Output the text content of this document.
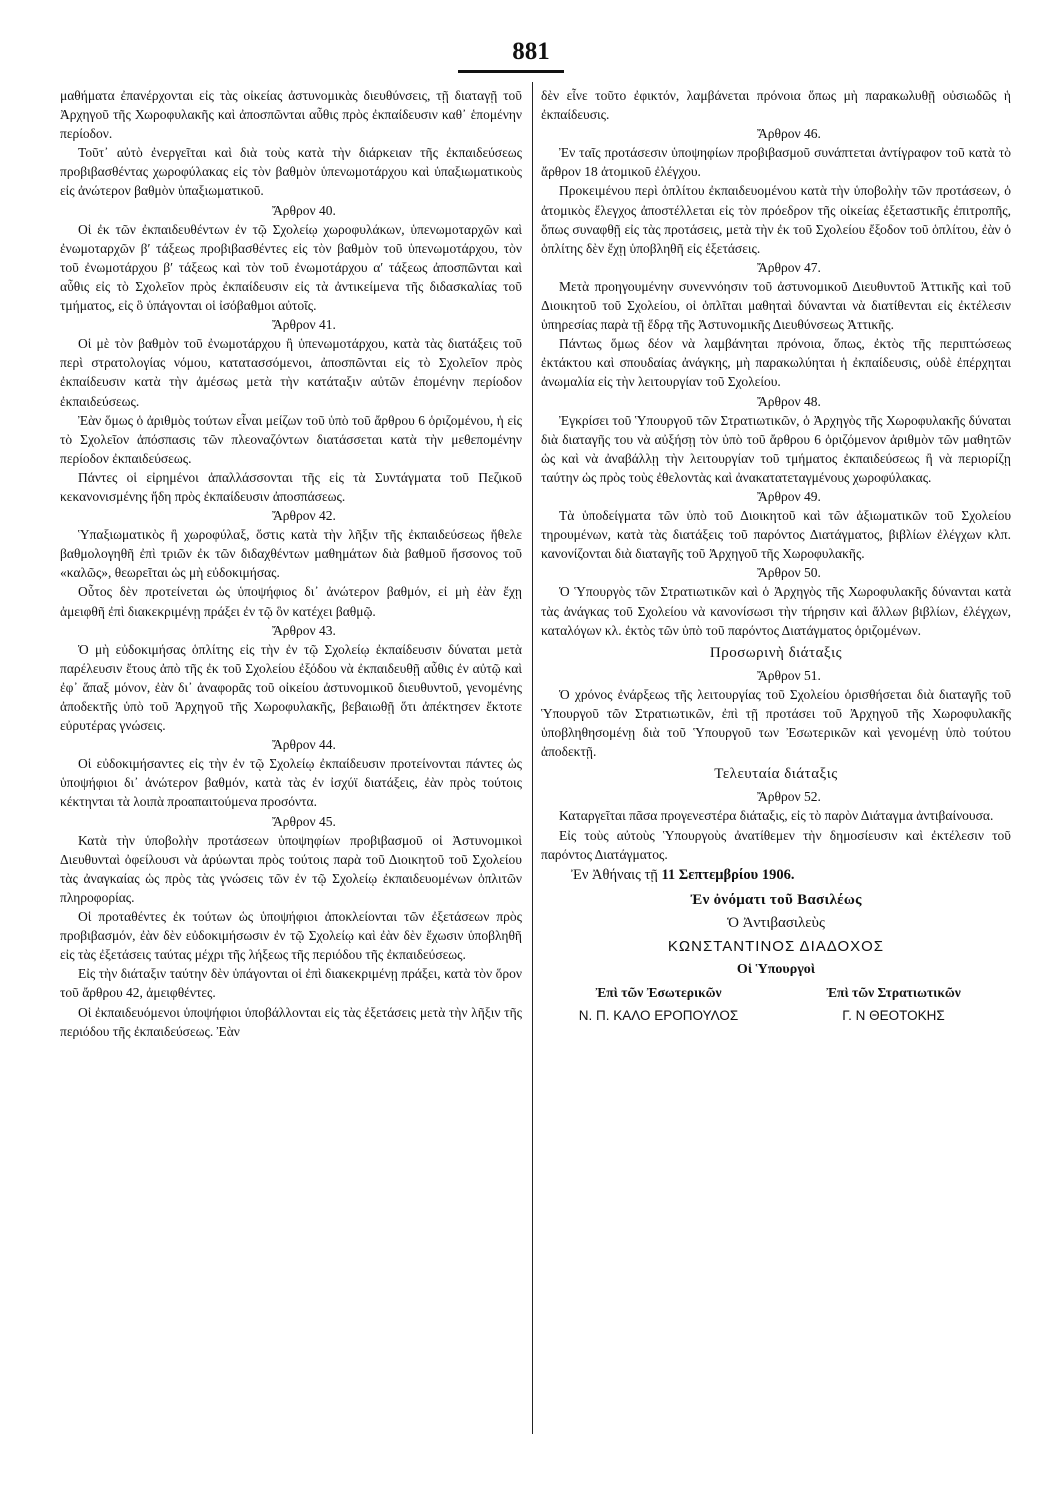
881

μαθήματα ἐπανέρχονται εἰς τὰς οἰκείας ἀστυνομικὰς διευθύνσεις, τῇ διαταγῇ τοῦ Ἀρχηγοῦ τῆς Χωροφυλακῆς καὶ ἀποσπῶνται αὖθις πρὸς ἐκπαίδευσιν καθ᾽ ἑπομένην περίοδον.

Τοῦτ᾽ αὐτὸ ἐνεργεῖται καὶ διὰ τοὺς κατὰ τὴν διάρκειαν τῆς ἐκπαιδεύσεως προβιβασθέντας χωροφύλακας εἰς τὸν βαθμὸν ὑπενωμοτάρχου καὶ ὑπαξιωματικοὺς εἰς ἀνώτερον βαθμὸν ὑπαξιωματικοῦ.

Ἄρθρον 40.

Οἱ ἐκ τῶν ἐκπαιδευθέντων ἐν τῷ Σχολείῳ χωροφυλάκων, ὑπενωμοταρχῶν καὶ ἐνωμοταρχῶν β′ τάξεως προβιβασθέντες εἰς τὸν βαθμὸν τοῦ ὑπενωμοτάρχου, τὸν τοῦ ἐνωμοτάρχου β′ τάξεως καὶ τὸν τοῦ ἐνωμοτάρχου α′ τάξεως ἀποσπῶνται καὶ αὖθις εἰς τὸ Σχολεῖον πρὸς ἐκπαίδευσιν εἰς τὰ ἀντικείμενα τῆς διδασκαλίας τοῦ τμήματος, εἰς ὃ ὑπάγονται οἱ ἰσόβαθμοι αὐτοῖς.

Ἄρθρον 41.

Οἱ μὲ τὸν βαθμὸν τοῦ ἐνωμοτάρχου ἢ ὑπενωμοτάρχου, κατὰ τὰς διατάξεις τοῦ περὶ στρατολογίας νόμου, κατατασσόμενοι, ἀποσπῶνται εἰς τὸ Σχολεῖον πρὸς ἐκπαίδευσιν κατὰ τὴν ἀμέσως μετὰ τὴν κατάταξιν αὐτῶν ἑπομένην περίοδον ἐκπαιδεύσεως.

Ἐὰν ὅμως ὁ ἀριθμὸς τούτων εἶναι μείζων τοῦ ὑπὸ τοῦ ἄρθρου 6 ὁριζομένου, ἡ εἰς τὸ Σχολεῖον ἀπόσπασις τῶν πλεοναζόντων διατάσσεται κατὰ τὴν μεθεπομένην περίοδον ἐκπαιδεύσεως.

Πάντες οἱ εἰρημένοι ἀπαλλάσσονται τῆς εἰς τὰ Συντάγματα τοῦ Πεζικοῦ κεκανονισμένης ἤδη πρὸς ἐκπαίδευσιν ἀποσπάσεως.

Ἄρθρον 42.

Ὑπαξιωματικὸς ἢ χωροφύλαξ, ὅστις κατὰ τὴν λῆξιν τῆς ἐκπαιδεύσεως ἤθελε βαθμολογηθῆ ἐπὶ τριῶν ἐκ τῶν διδαχθέντων μαθημάτων διὰ βαθμοῦ ἥσσονος τοῦ «καλῶς», θεωρεῖται ὡς μὴ εὐδοκιμήσας.

Οὗτος δὲν προτείνεται ὡς ὑποψήφιος δι᾽ ἀνώτερον βαθμόν, εἰ μὴ ἐὰν ἔχῃ ἀμειφθῆ ἐπὶ διακεκριμένῃ πράξει ἐν τῷ ὃν κατέχει βαθμῷ.

Ἄρθρον 43.

Ὁ μὴ εὐδοκιμήσας ὁπλίτης εἰς τὴν ἐν τῷ Σχολείῳ ἐκπαίδευσιν δύναται μετὰ παρέλευσιν ἔτους ἀπὸ τῆς ἐκ τοῦ Σχολείου ἐξόδου νὰ ἐκπαιδευθῇ αὖθις ἐν αὐτῷ καὶ ἐφ᾽ ἅπαξ μόνον, ἐὰν δι᾽ ἀναφορᾶς τοῦ οἰκείου ἀστυνομικοῦ διευθυντοῦ, γενομένης ἀποδεκτῆς ὑπὸ τοῦ Ἀρχηγοῦ τῆς Χωροφυλακῆς, βεβαιωθῇ ὅτι ἀπέκτησεν ἔκτοτε εὐρυτέρας γνώσεις.

Ἄρθρον 44.

Οἱ εὐδοκιμήσαντες εἰς τὴν ἐν τῷ Σχολείῳ ἐκπαίδευσιν προτείνονται πάντες ὡς ὑποψήφιοι δι᾽ ἀνώτερον βαθμόν, κατὰ τὰς ἐν ἰσχύϊ διατάξεις, ἐὰν πρὸς τούτοις κέκτηνται τὰ λοιπὰ προαπαιτούμενα προσόντα.

Ἄρθρον 45.

Κατὰ τὴν ὑποβολὴν προτάσεων ὑποψηφίων προβιβασμοῦ οἱ Ἀστυνομικοὶ Διευθυνταὶ ὀφείλουσι νὰ ἀρύωνται πρὸς τούτοις παρὰ τοῦ Διοικητοῦ τοῦ Σχολείου τὰς ἀναγκαίας ὡς πρὸς τὰς γνώσεις τῶν ἐν τῷ Σχολείῳ ἐκπαιδευομένων ὁπλιτῶν πληροφορίας.

Οἱ προταθέντες ἐκ τούτων ὡς ὑποψήφιοι ἀποκλείονται τῶν ἐξετάσεων πρὸς προβιβασμόν, ἐὰν δὲν εὐδοκιμήσωσιν ἐν τῷ Σχολείῳ καὶ ἐὰν δὲν ἔχωσιν ὑποβληθῆ εἰς τὰς ἐξετάσεις ταύτας μέχρι τῆς λήξεως τῆς περιόδου τῆς ἐκπαιδεύσεως.

Εἰς τὴν διάταξιν ταύτην δὲν ὑπάγονται οἱ ἐπὶ διακεκριμένῃ πράξει, κατὰ τὸν ὅρον τοῦ ἄρθρου 42, ἀμειφθέντες.

Οἱ ἐκπαιδευόμενοι ὑποψήφιοι ὑποβάλλονται εἰς τὰς ἐξετάσεις μετὰ τὴν λῆξιν τῆς περιόδου τῆς ἐκπαιδεύσεως. Ἐὰν

δὲν εἶνε τοῦτο ἐφικτόν, λαμβάνεται πρόνοια ὅπως μὴ παρακωλυθῇ οὐσιωδῶς ἡ ἐκπαίδευσις.

Ἄρθρον 46.

Ἐν ταῖς προτάσεσιν ὑποψηφίων προβιβασμοῦ συνάπτεται ἀντίγραφον τοῦ κατὰ τὸ ἄρθρον 18 ἀτομικοῦ ἐλέγχου.

Προκειμένου περὶ ὁπλίτου ἐκπαιδευομένου κατὰ τὴν ὑποβολὴν τῶν προτάσεων, ὁ ἀτομικὸς ἔλεγχος ἀποστέλλεται εἰς τὸν πρόεδρον τῆς οἰκείας ἐξεταστικῆς ἐπιτροπῆς, ὅπως συναφθῇ εἰς τὰς προτάσεις, μετὰ τὴν ἐκ τοῦ Σχολείου ἔξοδον τοῦ ὁπλίτου, ἐὰν ὁ ὁπλίτης δὲν ἔχῃ ὑποβληθῆ εἰς ἐξετάσεις.

Ἄρθρον 47.

Μετὰ προηγουμένην συνεννόησιν τοῦ ἀστυνομικοῦ Διευθυντοῦ Ἀττικῆς καὶ τοῦ Διοικητοῦ τοῦ Σχολείου, οἱ ὁπλῖται μαθηταὶ δύνανται νὰ διατίθενται εἰς ἐκτέλεσιν ὑπηρεσίας παρὰ τῇ ἕδρᾳ τῆς Ἀστυνομικῆς Διευθύνσεως Ἀττικῆς.

Πάντως ὅμως δέον νὰ λαμβάνηται πρόνοια, ὅπως, ἐκτὸς τῆς περιπτώσεως ἐκτάκτου καὶ σπουδαίας ἀνάγκης, μὴ παρακωλύηται ἡ ἐκπαίδευσις, οὐδὲ ἐπέρχηται ἀνωμαλία εἰς τὴν λειτουργίαν τοῦ Σχολείου.

Ἄρθρον 48.

Ἐγκρίσει τοῦ Ὑπουργοῦ τῶν Στρατιωτικῶν, ὁ Ἀρχηγὸς τῆς Χωροφυλακῆς δύναται διὰ διαταγῆς του νὰ αὐξήσῃ τὸν ὑπὸ τοῦ ἄρθρου 6 ὁριζόμενον ἀριθμὸν τῶν μαθητῶν ὡς καὶ νὰ ἀναβάλλῃ τὴν λειτουργίαν τοῦ τμήματος ἐκπαιδεύσεως ἢ νὰ περιορίζῃ ταύτην ὡς πρὸς τοὺς ἐθελοντὰς καὶ ἀνακατατεταγμένους χωροφύλακας.

Ἄρθρον 49.

Τὰ ὑποδείγματα τῶν ὑπὸ τοῦ Διοικητοῦ καὶ τῶν ἀξιωματικῶν τοῦ Σχολείου τηρουμένων, κατὰ τὰς διατάξεις τοῦ παρόντος Διατάγματος, βιβλίων ἐλέγχων κλπ. κανονίζονται διὰ διαταγῆς τοῦ Ἀρχηγοῦ τῆς Χωροφυλακῆς.

Ἄρθρον 50.

Ὁ Ὑπουργὸς τῶν Στρατιωτικῶν καὶ ὁ Ἀρχηγὸς τῆς Χωροφυλακῆς δύνανται κατὰ τὰς ἀνάγκας τοῦ Σχολείου νὰ κανονίσωσι τὴν τήρησιν καὶ ἄλλων βιβλίων, ἐλέγχων, καταλόγων κλ. ἐκτὸς τῶν ὑπὸ τοῦ παρόντος Διατάγματος ὁριζομένων.

Προσωρινὴ διάταξις
Ἄρθρον 51.

Ὁ χρόνος ἐνάρξεως τῆς λειτουργίας τοῦ Σχολείου ὁρισθήσεται διὰ διαταγῆς τοῦ Ὑπουργοῦ τῶν Στρατιωτικῶν, ἐπὶ τῇ προτάσει τοῦ Ἀρχηγοῦ τῆς Χωροφυλακῆς ὑποβληθησομένῃ διὰ τοῦ Ὑπουργοῦ των Ἐσωτερικῶν καὶ γενομένῃ ὑπὸ τούτου ἀποδεκτῇ.

Τελευταία διάταξις
Ἄρθρον 52.

Καταργεῖται πᾶσα προγενεστέρα διάταξις, εἰς τὸ παρὸν Διάταγμα ἀντιβαίνουσα.

Εἰς τοὺς αὐτοὺς Ὑπουργοὺς ἀνατίθεμεν τὴν δημοσίευσιν καὶ ἐκτέλεσιν τοῦ παρόντος Διατάγματος.

Ἐν Ἀθήναις τῇ 11 Σεπτεμβρίου 1906.

Ἐν ὀνόματι τοῦ Βασιλέως
Ὁ Ἀντιβασιλεὺς
ΚΩΝΣΤΑΝΤΙΝΟΣ ΔΙΑΔΟΧΟΣ
Οἱ Ὑπουργοὶ
Ἐπὶ τῶν Ἐσωτερικῶν	Ἐπὶ τῶν Στρατιωτικῶν
Ν. Π. ΚΑΛΟ ΕΡΟΠΟΥΛΟΣ	Γ. Ν ΘΕΟΤΟΚΗΣ
